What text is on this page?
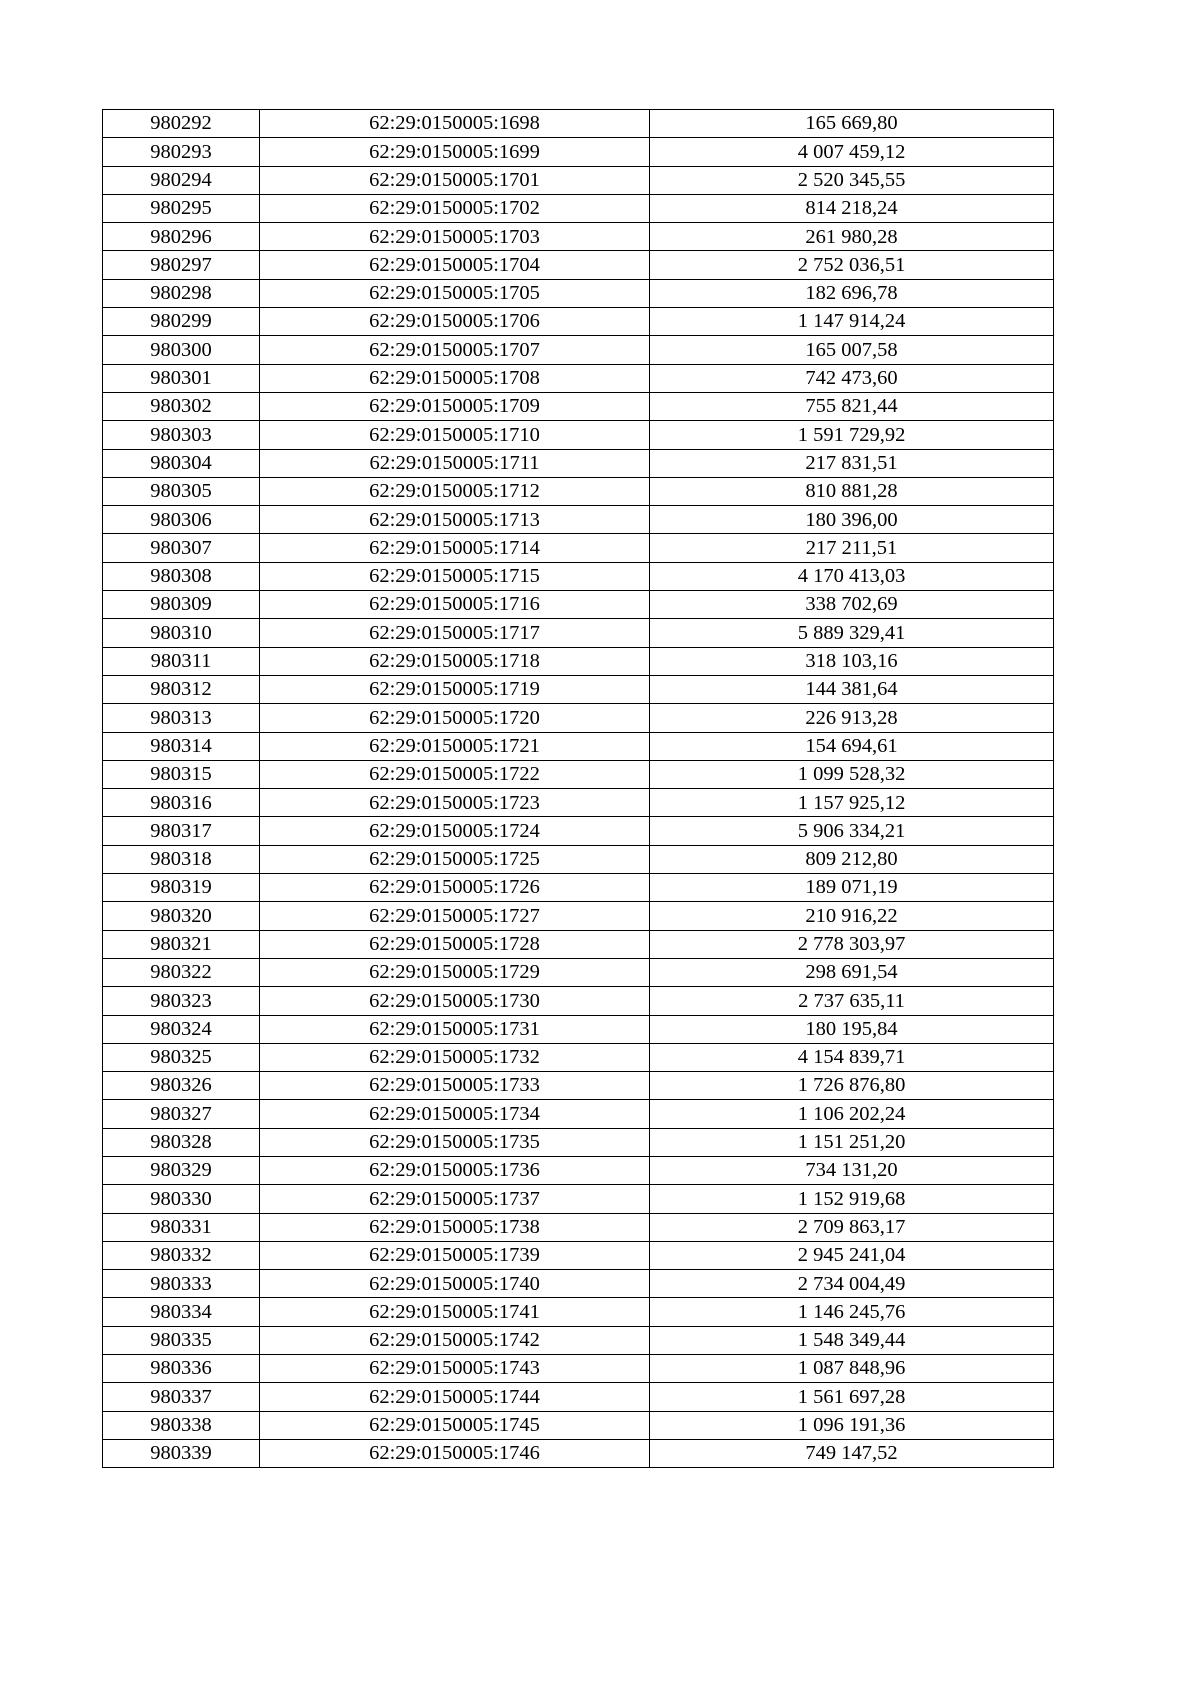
980292	62:29:0150005:1698	165 669,80
980293	62:29:0150005:1699	4 007 459,12
980294	62:29:0150005:1701	2 520 345,55
980295	62:29:0150005:1702	814 218,24
980296	62:29:0150005:1703	261 980,28
980297	62:29:0150005:1704	2 752 036,51
980298	62:29:0150005:1705	182 696,78
980299	62:29:0150005:1706	1 147 914,24
980300	62:29:0150005:1707	165 007,58
980301	62:29:0150005:1708	742 473,60
980302	62:29:0150005:1709	755 821,44
980303	62:29:0150005:1710	1 591 729,92
980304	62:29:0150005:1711	217 831,51
980305	62:29:0150005:1712	810 881,28
980306	62:29:0150005:1713	180 396,00
980307	62:29:0150005:1714	217 211,51
980308	62:29:0150005:1715	4 170 413,03
980309	62:29:0150005:1716	338 702,69
980310	62:29:0150005:1717	5 889 329,41
980311	62:29:0150005:1718	318 103,16
980312	62:29:0150005:1719	144 381,64
980313	62:29:0150005:1720	226 913,28
980314	62:29:0150005:1721	154 694,61
980315	62:29:0150005:1722	1 099 528,32
980316	62:29:0150005:1723	1 157 925,12
980317	62:29:0150005:1724	5 906 334,21
980318	62:29:0150005:1725	809 212,80
980319	62:29:0150005:1726	189 071,19
980320	62:29:0150005:1727	210 916,22
980321	62:29:0150005:1728	2 778 303,97
980322	62:29:0150005:1729	298 691,54
980323	62:29:0150005:1730	2 737 635,11
980324	62:29:0150005:1731	180 195,84
980325	62:29:0150005:1732	4 154 839,71
980326	62:29:0150005:1733	1 726 876,80
980327	62:29:0150005:1734	1 106 202,24
980328	62:29:0150005:1735	1 151 251,20
980329	62:29:0150005:1736	734 131,20
980330	62:29:0150005:1737	1 152 919,68
980331	62:29:0150005:1738	2 709 863,17
980332	62:29:0150005:1739	2 945 241,04
980333	62:29:0150005:1740	2 734 004,49
980334	62:29:0150005:1741	1 146 245,76
980335	62:29:0150005:1742	1 548 349,44
980336	62:29:0150005:1743	1 087 848,96
980337	62:29:0150005:1744	1 561 697,28
980338	62:29:0150005:1745	1 096 191,36
980339	62:29:0150005:1746	749 147,52
